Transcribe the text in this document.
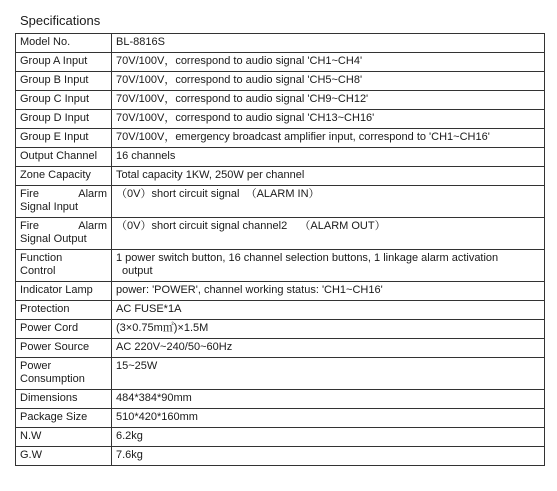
Specifications
Model No.	BL-8816S
Group A Input	70V/100V，correspond to audio signal 'CH1~CH4'
Group B Input	70V/100V，correspond to audio signal 'CH5~CH8'
Group C Input	70V/100V，correspond to audio signal 'CH9~CH12'
Group D Input	70V/100V，correspond to audio signal 'CH13~CH16'
Group E Input	70V/100V，emergency broadcast amplifier input, correspond to 'CH1~CH16'
Output Channel	16 channels
Zone Capacity	Total capacity 1KW, 250W per channel

Fire Alarm
Signal Input	（0V）short circuit signal  （ALARM IN）

Fire Alarm
Signal Output	（0V）short circuit signal channel2    （ALARM OUT）

Function
Control	1 power switch button, 16 channel selection buttons, 1 linkage alarm activation
output

Indicator Lamp	power: 'POWER', channel working status: 'CH1~CH16'
Protection	AC FUSE*1A
Power Cord	(3×0.75m㎡)×1.5M
Power Source	AC 220V~240/50~60Hz

Power
Consumption	15~25W
Dimensions	484*384*90mm
Package Size	510*420*160mm
N.W	6.2kg
G.W	7.6kg
